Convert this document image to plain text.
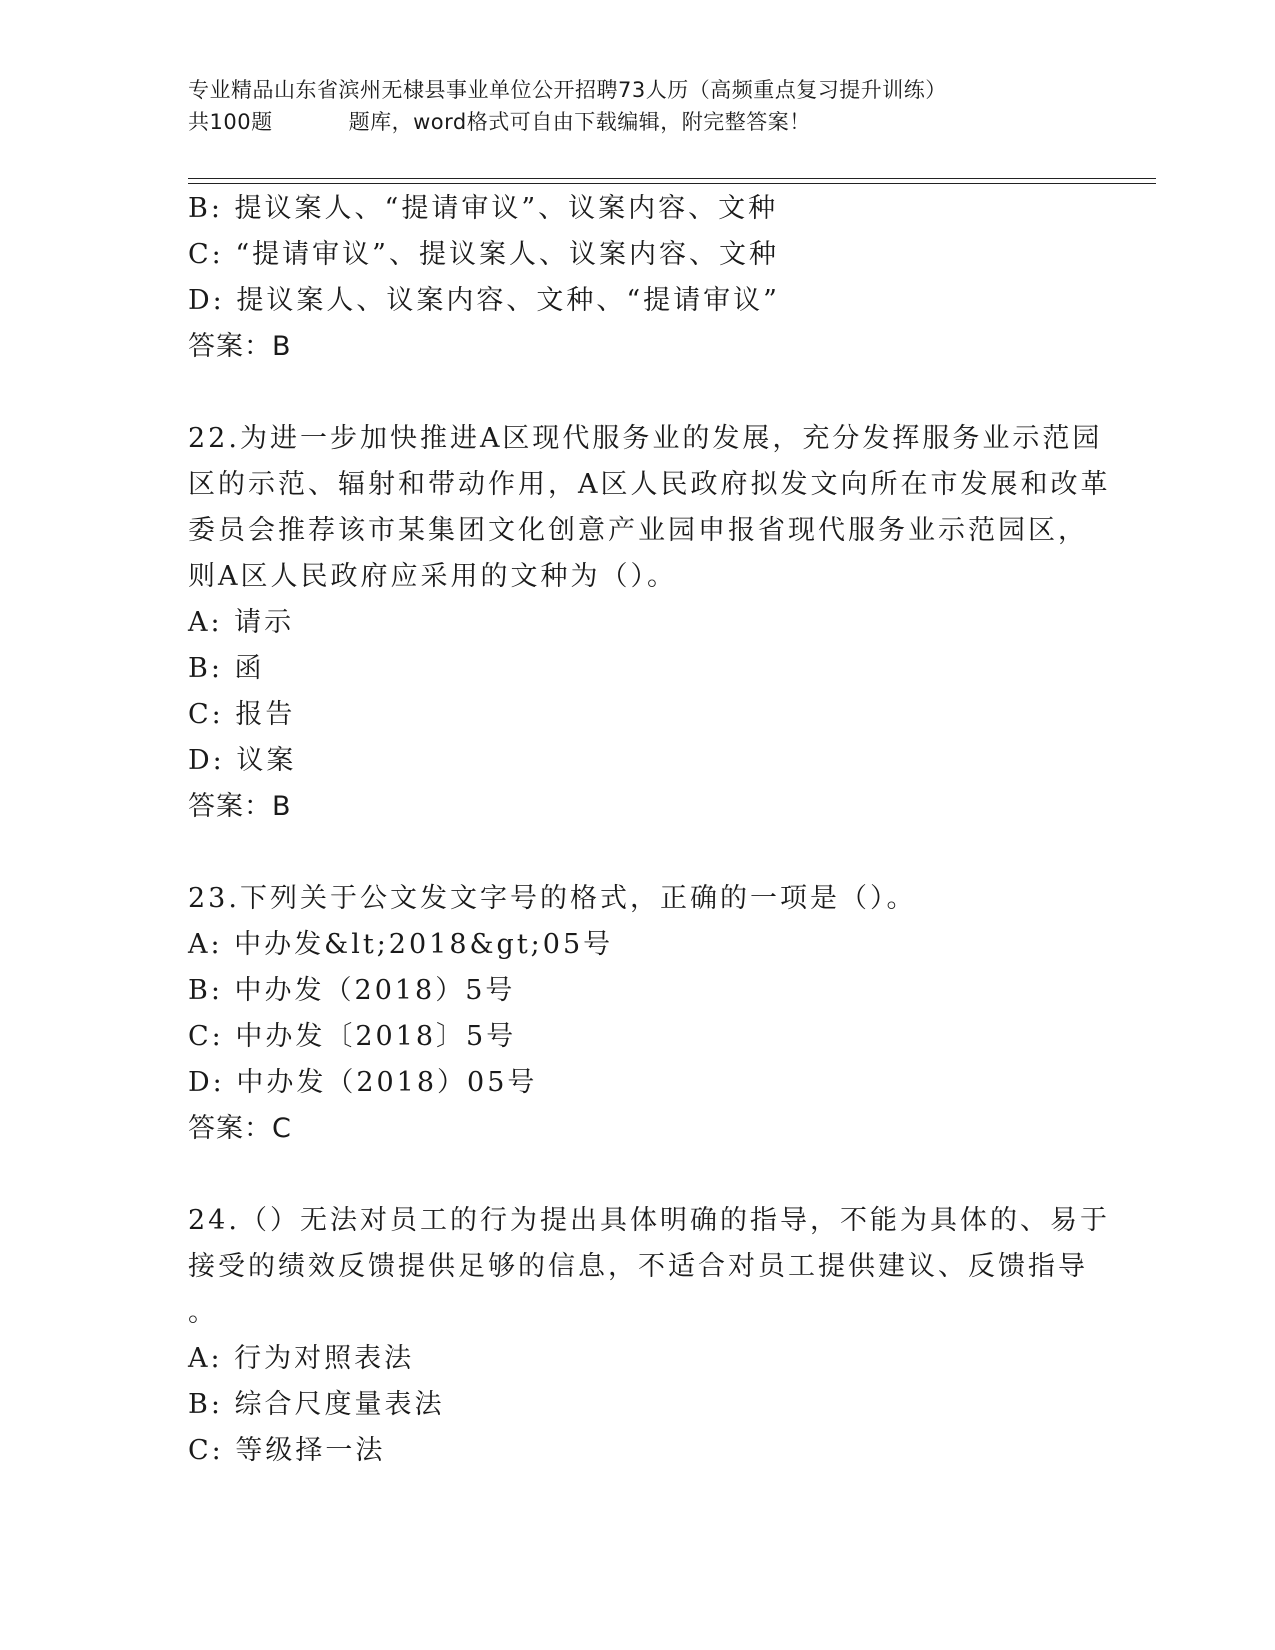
专业精品山东省滨州无棣县事业单位公开招聘73人历（高频重点复习提升训练）
共100题	题库，word格式可自由下载编辑，附完整答案！
B: 提议案人、“提请审议”、议案内容、文种
C: “提请审议”、提议案人、议案内容、文种
D: 提议案人、议案内容、文种、“提请审议”
答案：B
22.为进一步加快推进A区现代服务业的发展，充分发挥服务业示范园
区的示范、辐射和带动作用，A区人民政府拟发文向所在市发展和改革
委员会推荐该市某集团文化创意产业园申报省现代服务业示范园区，
则A区人民政府应采用的文种为（）。
A: 请示
B: 函
C: 报告
D: 议案
答案：B
23.下列关于公文发文字号的格式，正确的一项是（）。
A: 中办发&lt;2018&gt;05号
B: 中办发（2018）5号
C: 中办发〔2018〕5号
D: 中办发（2018）05号
答案：C
24.（）无法对员工的行为提出具体明确的指导，不能为具体的、易于
接受的绩效反馈提供足够的信息，不适合对员工提供建议、反馈指导
。
A: 行为对照表法
B: 综合尺度量表法
C: 等级择一法
